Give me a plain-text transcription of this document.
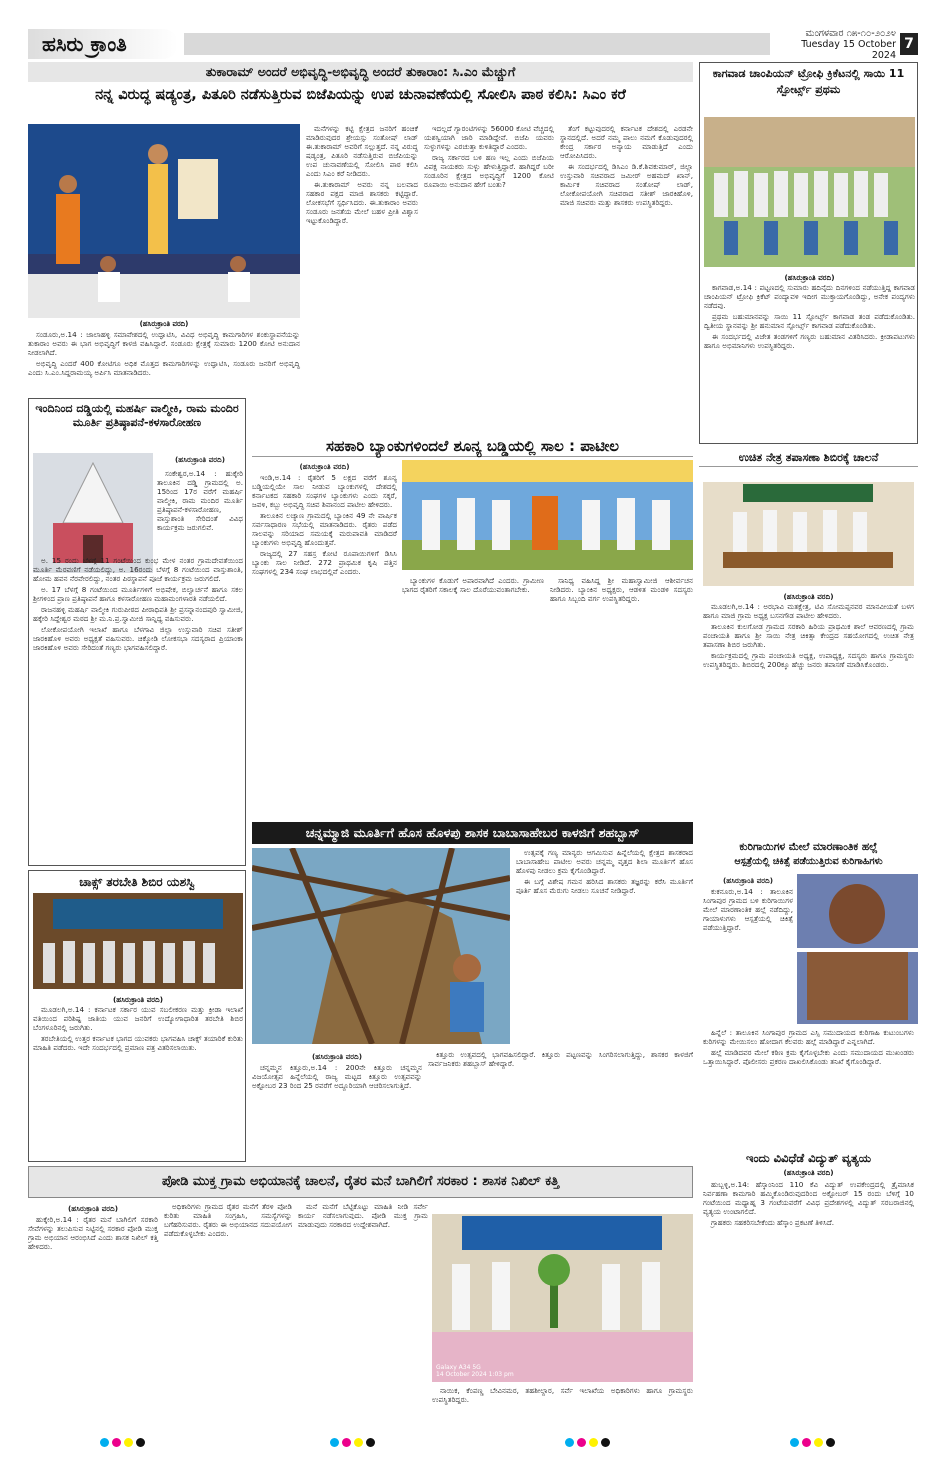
ಹಸಿರು ಕ್ರಾಂತಿ	ಮಂಗಳವಾರ ೧೫-೧೦-೨೦೨೪
Tuesday 15 October 2024
7
ತುಕಾರಾಮ್ ಅಂದರೆ ಅಭಿವೃದ್ಧಿ-ಅಭಿವೃದ್ಧಿ ಅಂದರೆ ತುಕಾರಾಂ: ಸಿ.ಎಂ ಮೆಚ್ಚುಗೆ
ನನ್ನ ವಿರುದ್ಧ ಷಡ್ಯಂತ್ರ, ಪಿತೂರಿ ನಡೆಸುತ್ತಿರುವ ಬಿಜೆಪಿಯನ್ನು ಉಪ ಚುನಾವಣೆಯಲ್ಲಿ ಸೋಲಿಸಿ ಪಾಠ ಕಲಿಸಿ: ಸಿಎಂ ಕರೆ
(ಹಸಿರುಕ್ರಾಂತಿ ವರದಿ)

ಸಂಡೂರು,ಅ.14 : ಜಾಲಾಹಳ್ಳಿ ಸಮಾವೇಶದಲ್ಲಿ ಉದ್ಘಾಟಿಸಿ, ವಿವಿಧ ಅಭಿವೃದ್ಧಿ ಕಾಮಗಾರಿಗಳ ಶಂಕುಸ್ಥಾಪನೆಯನ್ನು ತುಕಾರಾಂ ಅವರು ಈ ಭಾಗ ಅಭಿವೃದ್ಧಿಗೆ ಕಾಳಜಿ ವಹಿಸಿದ್ದಾರೆ. ಸಂಡೂರು ಕ್ಷೇತ್ರಕ್ಕೆ ಸುಮಾರು 1200 ಕೋಟಿ ಅನುದಾನ ನೀಡಲಾಗಿದೆ.

ಅಭಿವೃದ್ಧಿ ಎಂದರೆ 400 ಕೋಟಿಗೂ ಅಧಿಕ ಮೊತ್ತದ ಕಾಮಗಾರಿಗಳನ್ನು ಉದ್ಘಾಟಿಸಿ, ಸಂಡೂರು ಜನರಿಗೆ ಅಭಿವೃದ್ಧಿ ಎಂದು ಸಿ.ಎಂ.ಸಿದ್ದರಾಮಯ್ಯ ಅರ್ಪಿಸಿ ಮಾತನಾಡಿದರು.

ಮನೆಗಳನ್ನು ಕಟ್ಟಿ ಕ್ಷೇತ್ರದ ಜನರಿಗೆ ಹಂಚಿಕೆ ಮಾಡಿರುವುದರ ಶ್ರೇಯಸ್ಸು ಸಂತೋಷ್ ಲಾಡ್ ಈ.ತುಕಾರಾಮ್ ಅವರಿಗೆ ಸಲ್ಲುತ್ತದೆ. ನನ್ನ ವಿರುದ್ಧ ಷಡ್ಯಂತ್ರ, ಪಿತೂರಿ ನಡೆಸುತ್ತಿರುವ ಬಿಜೆಪಿಯನ್ನು ಉಪ ಚುನಾವಣೆಯಲ್ಲಿ ಸೋಲಿಸಿ ಪಾಠ ಕಲಿಸಿ ಎಂದು ಸಿಎಂ ಕರೆ ನೀಡಿದರು.

ಈ.ತುಕಾರಾಮ್ ಅವರು ನನ್ನ ಬಲವಾದ ಸಹಕಾರ ಪಕ್ಷದ ಮಾಜಿ ಶಾಸಕರು ಕಟ್ಟಿದ್ದಾರೆ. ಲೋಕಸಭೆಗೆ ಸ್ಪರ್ಧಿಸಿದರು. ಈ.ತುಕಾರಾಂ ಅವರು ಸಂಡೂರು ಜನತೆಯ ಮೇಲೆ ಬಹಳ ಪ್ರೀತಿ ವಿಶ್ವಾಸ ಇಟ್ಟುಕೊಂಡಿದ್ದಾರೆ.

ಇದಲ್ಲದೆ ಗ್ಯಾರಂಟಿಗಳನ್ನು 56000 ಕೋಟಿ ವೆಚ್ಚದಲ್ಲಿ ಯಶಸ್ವಿಯಾಗಿ ಜಾರಿ ಮಾಡಿದ್ದೇವೆ. ಬಿಜೆಪಿ ಯವರು ಸುಳ್ಳುಗಳನ್ನು ಎರಚುತ್ತಾ ಕುಳಿತಿದ್ದಾರೆ ಎಂದರು.

ರಾಜ್ಯ ಸರ್ಕಾರದ ಬಳಿ ಹಣ ಇಲ್ಲ ಎಂದು ಬಿಜೆಪಿಯ ವಿಪಕ್ಷ ನಾಯಕರು ಸುಳ್ಳು ಹೇಳುತ್ತಿದ್ದಾರೆ. ಹಾಗಿದ್ದರೆ ಬರೀ ಸಂಡೂರಿನ ಕ್ಷೇತ್ರದ ಅಭಿವೃದ್ಧಿಗೆ 1200 ಕೋಟಿ ರೂಪಾಯಿ ಅನುದಾನ ಹೇಗೆ ಬಂತು?

ತೆಂಗೆ ಕಟ್ಟುವುದರಲ್ಲಿ ಕರ್ನಾಟಕ ದೇಶದಲ್ಲಿ ಎರಡನೇ ಸ್ಥಾನದಲ್ಲಿದೆ. ಅದರೆ ನಮ್ಮ ಪಾಲು ನಮಗೆ ಕೊಡುವುದರಲ್ಲಿ ಕೇಂದ್ರ ಸರ್ಕಾರ ಅನ್ಯಾಯ ಮಾಡುತ್ತಿದೆ ಎಂದು ಆರೋಪಿಸಿದರು.

ಈ ಸಂದರ್ಭದಲ್ಲಿ ಡಿಸಿಎಂ ಡಿ.ಕೆ.ಶಿವಕುಮಾರ್, ಜಿಲ್ಲಾ ಉಸ್ತುವಾರಿ ಸಚಿವರಾದ ಜಮೀರ್ ಅಹಮದ್ ಖಾನ್, ಕಾರ್ಮಿಕ ಸಚಿವರಾದ ಸಂತೋಷ್ ಲಾಡ್, ಲೋಕೋಪಯೋಗಿ ಸಚಿವರಾದ ಸತೀಶ್ ಜಾರಕಿಹೊಳಿ, ಮಾಜಿ ಸಚಿವರು ಮತ್ತು ಶಾಸಕರು ಉಪಸ್ಥಿತರಿದ್ದರು.

ಇಂದಿನಿಂದ ದಡ್ಡಿಯಲ್ಲಿ ಮಹರ್ಷಿ ವಾಲ್ಮೀಕಿ, ರಾಮ ಮಂದಿರ ಮೂರ್ತಿ ಪ್ರತಿಷ್ಠಾಪನೆ-ಕಳಸಾರೋಹಣ
(ಹಸಿರುಕ್ರಾಂತಿ ವರದಿ)

ಸಂಕೇಶ್ವರ,ಅ.14 : ಹುಕ್ಕೇರಿ ತಾಲೂಕಿನ ದಡ್ಡಿ ಗ್ರಾಮದಲ್ಲಿ ಅ. 15ರಿಂದ 17ರ ವರೆಗೆ ಮಹರ್ಷಿ ವಾಲ್ಮೀಕಿ, ರಾಮ ಮಂದಿರ ಮೂರ್ತಿ ಪ್ರತಿಷ್ಠಾಪನೆ-ಕಳಸಾರೋಹಣ, ವಾಸ್ತುಶಾಂತಿ ಸೇರಿದಂತೆ ವಿವಿಧ ಕಾರ್ಯಕ್ರಮ ಜರುಗಲಿವೆ.

ಅ. 15 ರಂದು ಬೆಳಗ್ಗೆ 11 ಗಂಟೆಯಿಂದ ಕುಂಭ ಮೇಳ ನಂತರ ಗ್ರಾಮದೇವತೆಯಿಂದ ಮೂರ್ತಿ ಮೆರವಣಿಗೆ ನಡೆಯಲಿದ್ದು, ಅ. 16ರಂದು ಬೆಳಗ್ಗೆ 8 ಗಂಟೆಯಿಂದ ವಾಸ್ತುಶಾಂತಿ, ಹೋಮ ಹವನ ನೆರವೇರಲಿದ್ದು, ನಂತರ ಪಿಠಸ್ಥಾಪನೆ ಪೂಜೆ ಕಾರ್ಯಕ್ರಮ ಜರುಗಲಿದೆ.

ಅ. 17 ಬೆಳಗ್ಗೆ 8 ಗಂಟೆಯಿಂದ ಮೂರ್ತಿಗಳಿಗೆ ಅಭಿಷೇಕ, ಬಿಲ್ವಾರ್ಚನೆ ಹಾಗೂ ಸಕಲ ಶ್ರೀಗಳಿಂದ ಪ್ರಾಣ ಪ್ರತಿಷ್ಠಾಪನೆ ಹಾಗೂ ಕಳಸಾರೋಹಣ ಮಹಾಮಂಗಳಾರತಿ ನಡೆಯಲಿದೆ.

ರಾಜನಹಳ್ಳಿ ಮಹರ್ಷಿ ವಾಲ್ಮೀಕಿ ಗುರುಪೀಠದ ಪೀಠಾಧಿಪತಿ ಶ್ರೀ ಪ್ರಸನ್ನಾನಂದಪುರಿ ಸ್ವಾಮೀಜಿ, ಹಕ್ಕೇರಿ ಸಿದ್ದೇಶ್ವರ ಮಠದ ಶ್ರೀ ಮ.ನಿ.ಪ್ರ.ಸ್ವಾಮೀಜಿ ಸಾನ್ನಿಧ್ಯ ವಹಿಸುವರು.

ಲೋಕೋಪಯೋಗಿ ಇಲಾಖೆ ಹಾಗೂ ಬೆಳಗಾವಿ ಜಿಲ್ಲಾ ಉಸ್ತುವಾರಿ ಸಚಿವ ಸತೀಶ್ ಜಾರಕಿಹೊಳಿ ಅವರು ಅಧ್ಯಕ್ಷತೆ ವಹಿಸುವರು. ಚಿಕ್ಕೋಡಿ ಲೋಕಸಭಾ ಸದಸ್ಯರಾದ ಪ್ರಿಯಾಂಕಾ ಜಾರಕಿಹೊಳಿ ಅವರು ಸೇರಿದಂತೆ ಗಣ್ಯರು ಭಾಗವಹಿಸಲಿದ್ದಾರೆ.

ಚಾಕ್ಸ್ ತರಬೇತಿ ಶಿಬಿರ ಯಶಸ್ವಿ
(ಹಸಿರುಕ್ರಾಂತಿ ವರದಿ)

ಮೂಡಲಗಿ,ಅ.14 : ಕರ್ನಾಟಕ ಸರ್ಕಾರ ಯುವ ಸಬಲೀಕರಣ ಮತ್ತು ಕ್ರೀಡಾ ಇಲಾಖೆ ವತಿಯಿಂದ ಪರಿಶಿಷ್ಟ ಜಾತಿಯ ಯುವ ಜನರಿಗೆ ಉದ್ಯೋಗಾಧಾರಿತ ತರಬೇತಿ ಶಿಬಿರ ಬೆಂಗಳೂರಿನಲ್ಲಿ ಜರುಗಿತು.

ತರಬೇತಿಯಲ್ಲಿ ಉತ್ತರ ಕರ್ನಾಟಕ ಭಾಗದ ಯುವಕರು ಭಾಗವಹಿಸಿ ಚಾಕ್ಸ್ ತಯಾರಿಕೆ ಕುರಿತು ಮಾಹಿತಿ ಪಡೆದರು. ಇದೇ ಸಂದರ್ಭದಲ್ಲಿ ಪ್ರಮಾಣ ಪತ್ರ ವಿತರಿಸಲಾಯಿತು.

ಸಹಕಾರಿ ಬ್ಯಾಂಕುಗಳಿಂದಲೆ ಶೂನ್ಯ ಬಡ್ಡಿಯಲ್ಲಿ ಸಾಲ : ಪಾಟೀಲ
(ಹಸಿರುಕ್ರಾಂತಿ ವರದಿ)

ಇಂಡಿ,ಅ.14 : ರೈತರಿಗೆ 5 ಲಕ್ಷದ ವರೆಗೆ ಶೂನ್ಯ ಬಡ್ಡಿಯಲ್ಲಿಯೇ ಸಾಲ ನೀಡುವ ಬ್ಯಾಂಕುಗಳಲ್ಲಿ ದೇಶದಲ್ಲಿ ಕರ್ನಾಟಕದ ಸಹಕಾರಿ ಸಂಘಗಳ ಬ್ಯಾಂಕುಗಳು ಎಂದು ಸಕ್ಕರೆ, ಜವಳಿ, ಕಬ್ಬು ಅಭಿವೃದ್ಧಿ ಸಚಿವ ಶಿವಾನಂದ ಪಾಟೀಲ ಹೇಳಿದರು.

ತಾಲೂಕಿನ ಲಚ್ಯಾಣ ಗ್ರಾಮದಲ್ಲಿ ಬ್ಯಾಂಕಿನ 49 ನೇ ವಾರ್ಷಿಕ ಸರ್ವಸಾಧಾರಣ ಸಭೆಯಲ್ಲಿ ಮಾತನಾಡಿದರು. ರೈತರು ಪಡೆದ ಸಾಲವನ್ನು ಸರಿಯಾದ ಸಮಯಕ್ಕೆ ಮರುಪಾವತಿ ಮಾಡಿದರೆ ಬ್ಯಾಂಕುಗಳು ಅಭಿವೃದ್ಧಿ ಹೊಂದುತ್ತವೆ.

ರಾಜ್ಯದಲ್ಲಿ 27 ಸಹಸ್ರ ಕೋಟಿ ರೂಪಾಯಿಗಳಿಗೆ ಡಿಸಿಸಿ ಬ್ಯಾಂಕು ಸಾಲ ನೀಡಿದೆ. 272 ಪ್ರಾಥಮಿಕ ಕೃಷಿ ಪತ್ತಿನ ಸಂಘಗಳಲ್ಲಿ 234 ಸಂಘ ಲಾಭದಲ್ಲಿವೆ ಎಂದರು.

ಬ್ಯಾಂಕುಗಳ ಕೊಡುಗೆ ಅಪಾರವಾಗಿದೆ ಎಂದರು. ಗ್ರಾಮೀಣ ಭಾಗದ ರೈತರಿಗೆ ಸಕಾಲಕ್ಕೆ ಸಾಲ ದೊರೆಯುವಂತಾಗಬೇಕು.

ಸಾನಿಧ್ಯ ವಹಿಸಿದ್ದ ಶ್ರೀ ಮಹಾಸ್ವಾಮೀಜಿ ಆಶೀರ್ವಚನ ನೀಡಿದರು. ಬ್ಯಾಂಕಿನ ಅಧ್ಯಕ್ಷರು, ಆಡಳಿತ ಮಂಡಳಿ ಸದಸ್ಯರು ಹಾಗೂ ಸಿಬ್ಬಂದಿ ವರ್ಗ ಉಪಸ್ಥಿತರಿದ್ದರು.

ಚನ್ನಮ್ಮಾಜಿ ಮೂರ್ತಿಗೆ ಹೊಸ ಹೊಳಪು ಶಾಸಕ ಬಾಬಾಸಾಹೇಬರ ಕಾಳಜಿಗೆ ಶಹಬ್ಬಾಸ್

ಉತ್ಸವಕ್ಕೆ ಗಣ್ಯ ಮಾನ್ಯರು ಆಗಮಿಸುವ ಹಿನ್ನೆಲೆಯಲ್ಲಿ ಕ್ಷೇತ್ರದ ಶಾಸಕರಾದ ಬಾಬಾಸಾಹೇಬ ಪಾಟೀಲ ಅವರು ಚನ್ನಮ್ಮ ವೃತ್ತದ ಶಿಲಾ ಮೂರ್ತಿಗೆ ಹೊಸ ಹೊಳಪು ನೀಡಲು ಕ್ರಮ ಕೈಗೊಂಡಿದ್ದಾರೆ.

ಈ ಬಗ್ಗೆ ವಿಶೇಷ ಗಮನ ಹರಿಸಿದ ಶಾಸಕರು ತಜ್ಞರನ್ನು ಕರೆಸಿ ಮೂರ್ತಿಗೆ ಪೂರ್ತಿ ಹೊಸ ಮೆರುಗು ನೀಡಲು ಸೂಚನೆ ನೀಡಿದ್ದಾರೆ.

(ಹಸಿರುಕ್ರಾಂತಿ ವರದಿ)

ಚನ್ನಮ್ಮನ ಕಿತ್ತೂರು,ಅ.14 : 200ನೇ ಕಿತ್ತೂರು ಚನ್ನಮ್ಮನ ವಿಜಯೋತ್ಸವ ಹಿನ್ನೆಲೆಯಲ್ಲಿ ರಾಜ್ಯ ಮಟ್ಟದ ಕಿತ್ತೂರು ಉತ್ಸವವನ್ನು ಅಕ್ಟೋಬರ 23 ರಿಂದ 25 ರವರೆಗೆ ಅದ್ದೂರಿಯಾಗಿ ಆಚರಿಸಲಾಗುತ್ತಿದೆ.

ಕಿತ್ತೂರು ಉತ್ಸವದಲ್ಲಿ ಭಾಗವಹಿಸಲಿದ್ದಾರೆ. ಕಿತ್ತೂರು ಪಟ್ಟಣವನ್ನು ಸಿಂಗರಿಸಲಾಗುತ್ತಿದ್ದು, ಶಾಸಕರ ಕಾಳಜಿಗೆ ಸಾರ್ವಜನಿಕರು ಶಹಬ್ಬಾಸ್ ಹೇಳಿದ್ದಾರೆ.

ಕಾಗವಾಡ ಚಾಂಪಿಯನ್ ಟ್ರೋಫಿ ಕ್ರಿಕೆಟನಲ್ಲಿ ಸಾಯಿ 11 ಸ್ಪೋರ್ಟ್ಸ್ ಪ್ರಥಮ
(ಹಸಿರುಕ್ರಾಂತಿ ವರದಿ)

ಕಾಗವಾಡ,ಅ.14 : ಪಟ್ಟಣದಲ್ಲಿ ಸುಮಾರು ಹದಿನೈದು ದಿನಗಳಿಂದ ನಡೆಯುತ್ತಿದ್ದ ಕಾಗವಾಡ ಚಾಂಪಿಯನ್ ಟ್ರೋಫಿ ಕ್ರಿಕೆಟ್ ಪಂದ್ಯಾವಳಿ ಇದೀಗ ಮುಕ್ತಾಯಗೊಂಡಿದ್ದು, ಅನೇಕ ಪಂದ್ಯಗಳು ನಡೆದವು.

ಪ್ರಥಮ ಬಹುಮಾನವನ್ನು ಸಾಯಿ 11 ಸ್ಪೋರ್ಟ್ಸ್ ಕಾಗವಾಡ ತಂಡ ಪಡೆದುಕೊಂಡಿತು. ದ್ವಿತೀಯ ಸ್ಥಾನವನ್ನು ಶ್ರೀ ಹನುಮಾನ ಸ್ಪೋರ್ಟ್ಸ್ ಕಾಗವಾಡ ಪಡೆದುಕೊಂಡಿತು.

ಈ ಸಂದರ್ಭದಲ್ಲಿ ವಿಜೇತ ತಂಡಗಳಿಗೆ ಗಣ್ಯರು ಬಹುಮಾನ ವಿತರಿಸಿದರು. ಕ್ರೀಡಾಪಟುಗಳು ಹಾಗೂ ಅಭಿಮಾನಿಗಳು ಉಪಸ್ಥಿತರಿದ್ದರು.

ಉಚಿತ ನೇತ್ರ ತಪಾಸಣಾ ಶಿಬಿರಕ್ಕೆ ಚಾಲನೆ
(ಹಸಿರುಕ್ರಾಂತಿ ವರದಿ)

ಮೂಡಲಗಿ,ಅ.14 : ಅರಭಾವಿ ಮತಕ್ಷೇತ್ರ, ಟಿವಿ ಸೋಮಪ್ಪನವರ ಮಾನವೀಯತೆ ಬಳಗ ಹಾಗೂ ಮಾಜಿ ಗ್ರಾಮ ಅಧ್ಯಕ್ಷ ಬಸನಗೌಡ ಪಾಟೀಲ ಹೇಳಿದರು.

ತಾಲೂಕಿನ ಕುಲಗೋಡ ಗ್ರಾಮದ ಸರಕಾರಿ ಹಿರಿಯ ಪ್ರಾಥಮಿಕ ಶಾಲೆ ಆವರಣದಲ್ಲಿ ಗ್ರಾಮ ಪಂಚಾಯತಿ ಹಾಗೂ ಶ್ರೀ ಸಾಯಿ ನೇತ್ರ ಚಿಕಿತ್ಸಾ ಕೇಂದ್ರದ ಸಹಯೋಗದಲ್ಲಿ ಉಚಿತ ನೇತ್ರ ತಪಾಸಣಾ ಶಿಬಿರ ಜರುಗಿತು.

ಕಾರ್ಯಕ್ರಮದಲ್ಲಿ ಗ್ರಾಮ ಪಂಚಾಯತಿ ಅಧ್ಯಕ್ಷ, ಉಪಾಧ್ಯಕ್ಷ, ಸದಸ್ಯರು ಹಾಗೂ ಗ್ರಾಮಸ್ಥರು ಉಪಸ್ಥಿತರಿದ್ದರು. ಶಿಬಿರದಲ್ಲಿ 200ಕ್ಕೂ ಹೆಚ್ಚು ಜನರು ತಪಾಸಣೆ ಮಾಡಿಸಿಕೊಂಡರು.

ಕುರಿಗಾಯಿಗಳ ಮೇಲೆ ಮಾರಣಾಂತಿಕ ಹಲ್ಲೆ
ಆಸ್ಪತ್ರೆಯಲ್ಲಿ ಚಿಕಿತ್ಸೆ ಪಡೆಯುತ್ತಿರುವ ಕುರಿಗಾಹಿಗಳು
(ಹಸಿರುಕ್ರಾಂತಿ ವರದಿ)

ಕುಕನೂರು,ಅ.14 : ತಾಲೂಕಿನ ಸಿಂಗಾಪುರ ಗ್ರಾಮದ ಬಳಿ ಕುರಿಗಾಯಿಗಳ ಮೇಲೆ ಮಾರಣಾಂತಿಕ ಹಲ್ಲೆ ನಡೆದಿದ್ದು, ಗಾಯಾಳುಗಳು ಆಸ್ಪತ್ರೆಯಲ್ಲಿ ಚಿಕಿತ್ಸೆ ಪಡೆಯುತ್ತಿದ್ದಾರೆ.

ಹಿನ್ನೆಲೆ : ತಾಲೂಕಿನ ಸಿಂಗಾಪುರ ಗ್ರಾಮದ ಎಸ್ಸಿ ಸಮುದಾಯದ ಕುರಿಗಾಹಿ ಕುಟುಂಬಗಳು ಕುರಿಗಳನ್ನು ಮೇಯಿಸಲು ಹೋದಾಗ ಕೆಲವರು ಹಲ್ಲೆ ಮಾಡಿದ್ದಾರೆ ಎನ್ನಲಾಗಿದೆ.

ಹಲ್ಲೆ ಮಾಡಿದವರ ಮೇಲೆ ಕಠಿಣ ಕ್ರಮ ಕೈಗೊಳ್ಳಬೇಕು ಎಂದು ಸಮುದಾಯದ ಮುಖಂಡರು ಒತ್ತಾಯಿಸಿದ್ದಾರೆ. ಪೊಲೀಸರು ಪ್ರಕರಣ ದಾಖಲಿಸಿಕೊಂಡು ತನಿಖೆ ಕೈಗೊಂಡಿದ್ದಾರೆ.

ಇಂದು ವಿವಿಧೆಡೆ ವಿದ್ಯುತ್ ವ್ಯತ್ಯಯ
(ಹಸಿರುಕ್ರಾಂತಿ ವರದಿ)

ಹುಬ್ಬಳ್ಳಿ,ಅ.14: ಹೆಸ್ಕಾಂನಿಂದ 110 ಕೆವಿ ವಿದ್ಯುತ್ ಉಪಕೇಂದ್ರದಲ್ಲಿ ತ್ರೈಮಾಸಿಕ ನಿರ್ವಹಣಾ ಕಾಮಗಾರಿ ಹಮ್ಮಿಕೊಂಡಿರುವುದರಿಂದ ಅಕ್ಟೋಬರ್ 15 ರಂದು ಬೆಳಿಗ್ಗೆ 10 ಗಂಟೆಯಿಂದ ಮಧ್ಯಾಹ್ನ 3 ಗಂಟೆಯವರೆಗೆ ವಿವಿಧ ಪ್ರದೇಶಗಳಲ್ಲಿ ವಿದ್ಯುತ್ ಸರಬರಾಜಿನಲ್ಲಿ ವ್ಯತ್ಯಯ ಉಂಟಾಗಲಿದೆ.

ಗ್ರಾಹಕರು ಸಹಕರಿಸಬೇಕೆಂದು ಹೆಸ್ಕಾಂ ಪ್ರಕಟಣೆ ತಿಳಿಸಿದೆ.

ಪೋಡಿ ಮುಕ್ತ ಗ್ರಾಮ ಅಭಿಯಾನಕ್ಕೆ ಚಾಲನೆ, ರೈತರ ಮನೆ ಬಾಗಿಲಿಗೆ ಸರಕಾರ : ಶಾಸಕ ನಿಖಿಲ್ ಕತ್ತಿ
(ಹಸಿರುಕ್ರಾಂತಿ ವರದಿ)

ಹುಕ್ಕೇರಿ,ಅ.14 : ರೈತರ ಮನೆ ಬಾಗಿಲಿಗೆ ಸರಕಾರಿ ಸೇವೆಗಳನ್ನು ತಲುಪಿಸುವ ನಿಟ್ಟಿನಲ್ಲಿ ಸರಕಾರ ಪೋಡಿ ಮುಕ್ತ ಗ್ರಾಮ ಅಭಿಯಾನ ಆರಂಭಿಸಿದೆ ಎಂದು ಶಾಸಕ ನಿಖಿಲ್ ಕತ್ತಿ ಹೇಳಿದರು.

ಅಧಿಕಾರಿಗಳು ಗ್ರಾಮದ ರೈತರ ಮನೆಗೆ ತೆರಳಿ ಪೋಡಿ ಕುರಿತು ಮಾಹಿತಿ ಸಂಗ್ರಹಿಸಿ, ಸಮಸ್ಯೆಗಳನ್ನು ಬಗೆಹರಿಸುವರು. ರೈತರು ಈ ಅಭಿಯಾನದ ಸದುಪಯೋಗ ಪಡೆದುಕೊಳ್ಳಬೇಕು ಎಂದರು.

ಮನೆ ಮನೆಗೆ ಬೆಟ್ಟಿಕೊಟ್ಟು ಮಾಹಿತಿ ನೀಡಿ ಸರ್ವೇ ಕಾರ್ಯ ನಡೆಸಲಾಗುವುದು. ಪೋಡಿ ಮುಕ್ತ ಗ್ರಾಮ ಮಾಡುವುದು ಸರಕಾರದ ಉದ್ದೇಶವಾಗಿದೆ.

Galaxy A34 5G
14 October 2024 1:03 pm

ನಾಯಿಕ, ಕೆಂಪಣ್ಣ ಬೇವಿನಮರ, ತಹಶೀಲ್ದಾರ, ಸರ್ವೆ ಇಲಾಖೆಯ ಅಧಿಕಾರಿಗಳು ಹಾಗೂ ಗ್ರಾಮಸ್ಥರು ಉಪಸ್ಥಿತರಿದ್ದರು.
